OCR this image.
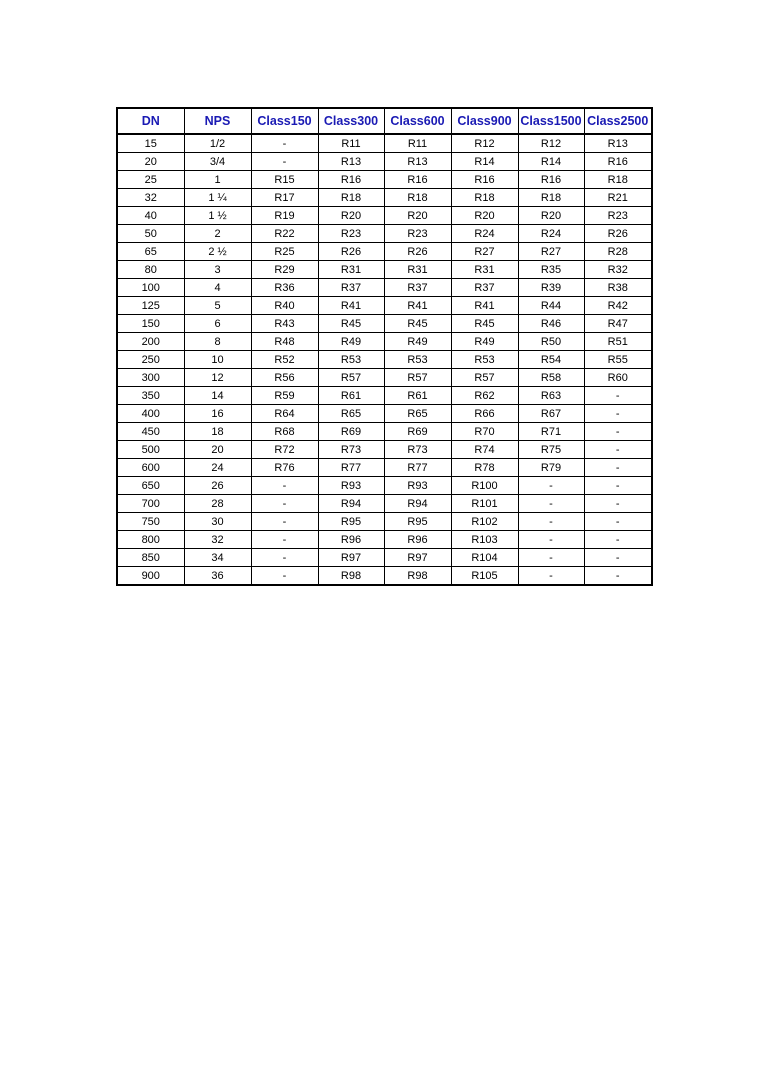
DN	NPS	Class150	Class300	Class600	Class900	Class1500	Class2500
15	1/2	-	R11	R11	R12	R12	R13
20	3/4	-	R13	R13	R14	R14	R16
25	1	R15	R16	R16	R16	R16	R18
32	1 ¼	R17	R18	R18	R18	R18	R21
40	1 ½	R19	R20	R20	R20	R20	R23
50	2	R22	R23	R23	R24	R24	R26
65	2 ½	R25	R26	R26	R27	R27	R28
80	3	R29	R31	R31	R31	R35	R32
100	4	R36	R37	R37	R37	R39	R38
125	5	R40	R41	R41	R41	R44	R42
150	6	R43	R45	R45	R45	R46	R47
200	8	R48	R49	R49	R49	R50	R51
250	10	R52	R53	R53	R53	R54	R55
300	12	R56	R57	R57	R57	R58	R60
350	14	R59	R61	R61	R62	R63	-
400	16	R64	R65	R65	R66	R67	-
450	18	R68	R69	R69	R70	R71	-
500	20	R72	R73	R73	R74	R75	-
600	24	R76	R77	R77	R78	R79	-
650	26	-	R93	R93	R100	-	-
700	28	-	R94	R94	R101	-	-
750	30	-	R95	R95	R102	-	-
800	32	-	R96	R96	R103	-	-
850	34	-	R97	R97	R104	-	-
900	36	-	R98	R98	R105	-	-
